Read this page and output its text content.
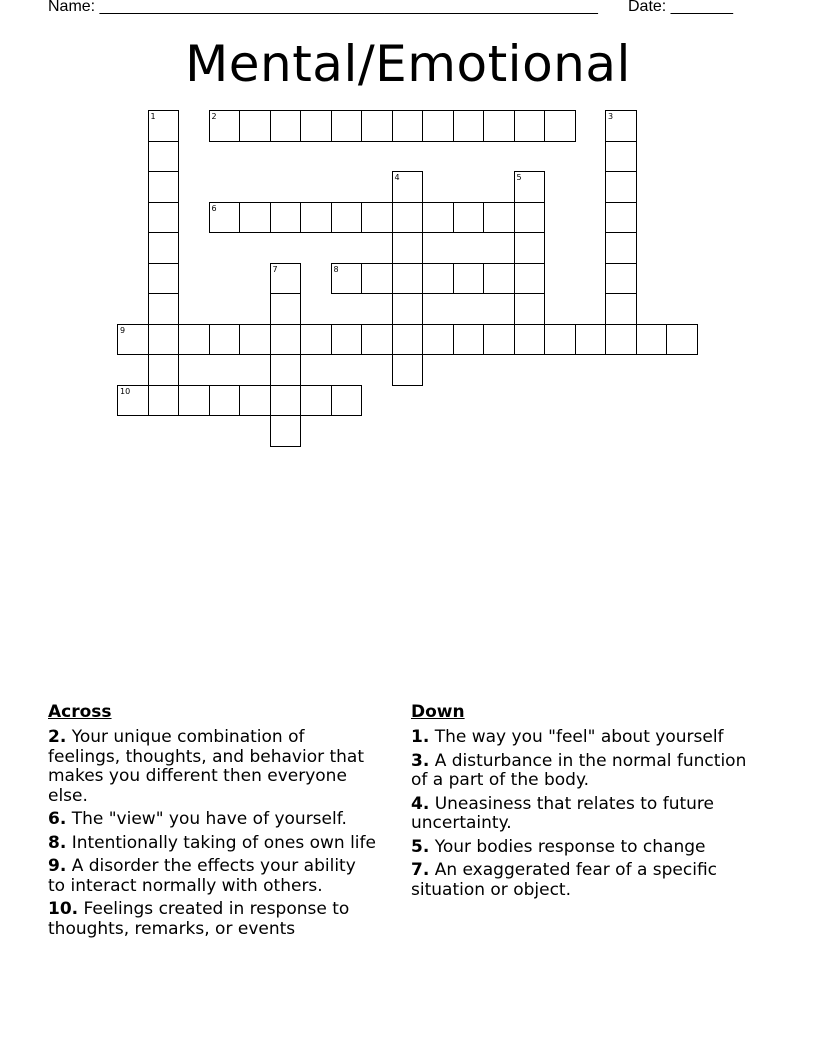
Name: ________________________________________________________ Date: _______
Mental/Emotional
1	2	3
4	5
6
7	8
9
10
Across
2. Your unique combination of feelings, thoughts, and behavior that makes you different then everyone else.
6. The "view" you have of yourself.
8. Intentionally taking of ones own life
9. A disorder the effects your ability to interact normally with others.
10. Feelings created in response to thoughts, remarks, or events
Down
1. The way you "feel" about yourself
3. A disturbance in the normal function of a part of the body.
4. Uneasiness that relates to future uncertainty.
5. Your bodies response to change
7. An exaggerated fear of a specific situation or object.
